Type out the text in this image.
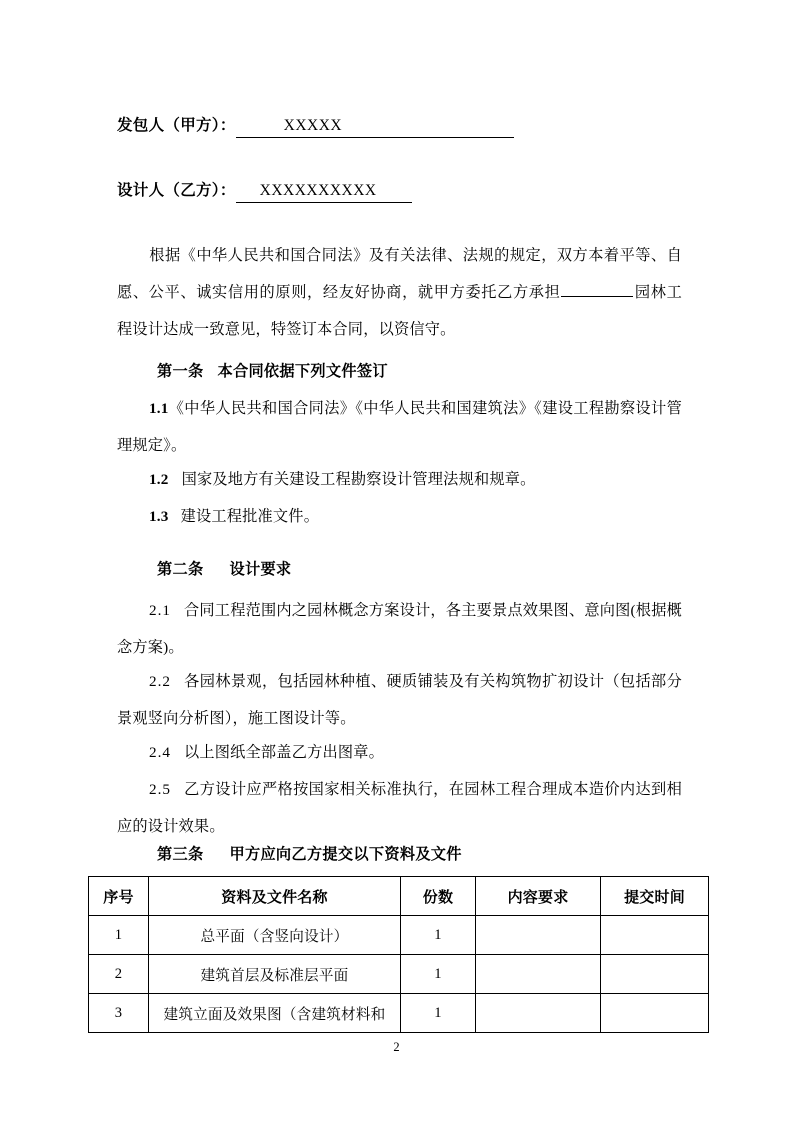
发包人（甲方）：	XXXXX
设计人（乙方）： XXXXXXXXXX
根据《中华人民共和国合同法》及有关法律、法规的规定，双方本着平等、自愿、公平、诚实信用的原则，经友好协商，就甲方委托乙方承担	园林工程设计达成一致意见，特签订本合同，以资信守。
第一条 本合同依据下列文件签订
1.1《中华人民共和国合同法》《中华人民共和国建筑法》《建设工程勘察设计管理规定》。
1.2 国家及地方有关建设工程勘察设计管理法规和规章。
1.3 建设工程批准文件。
第二条 设计要求
2.1 合同工程范围内之园林概念方案设计，各主要景点效果图、意向图(根据概念方案)。
2.2 各园林景观，包括园林种植、硬质铺装及有关构筑物扩初设计（包括部分景观竖向分析图），施工图设计等。
2.4 以上图纸全部盖乙方出图章。
2.5 乙方设计应严格按国家相关标准执行，在园林工程合理成本造价内达到相应的设计效果。
第三条 甲方应向乙方提交以下资料及文件
序号	资料及文件名称	份数	内容要求	提交时间
1	总平面（含竖向设计）	1		
2	建筑首层及标准层平面	1		
3	建筑立面及效果图（含建筑材料和	1		
2
